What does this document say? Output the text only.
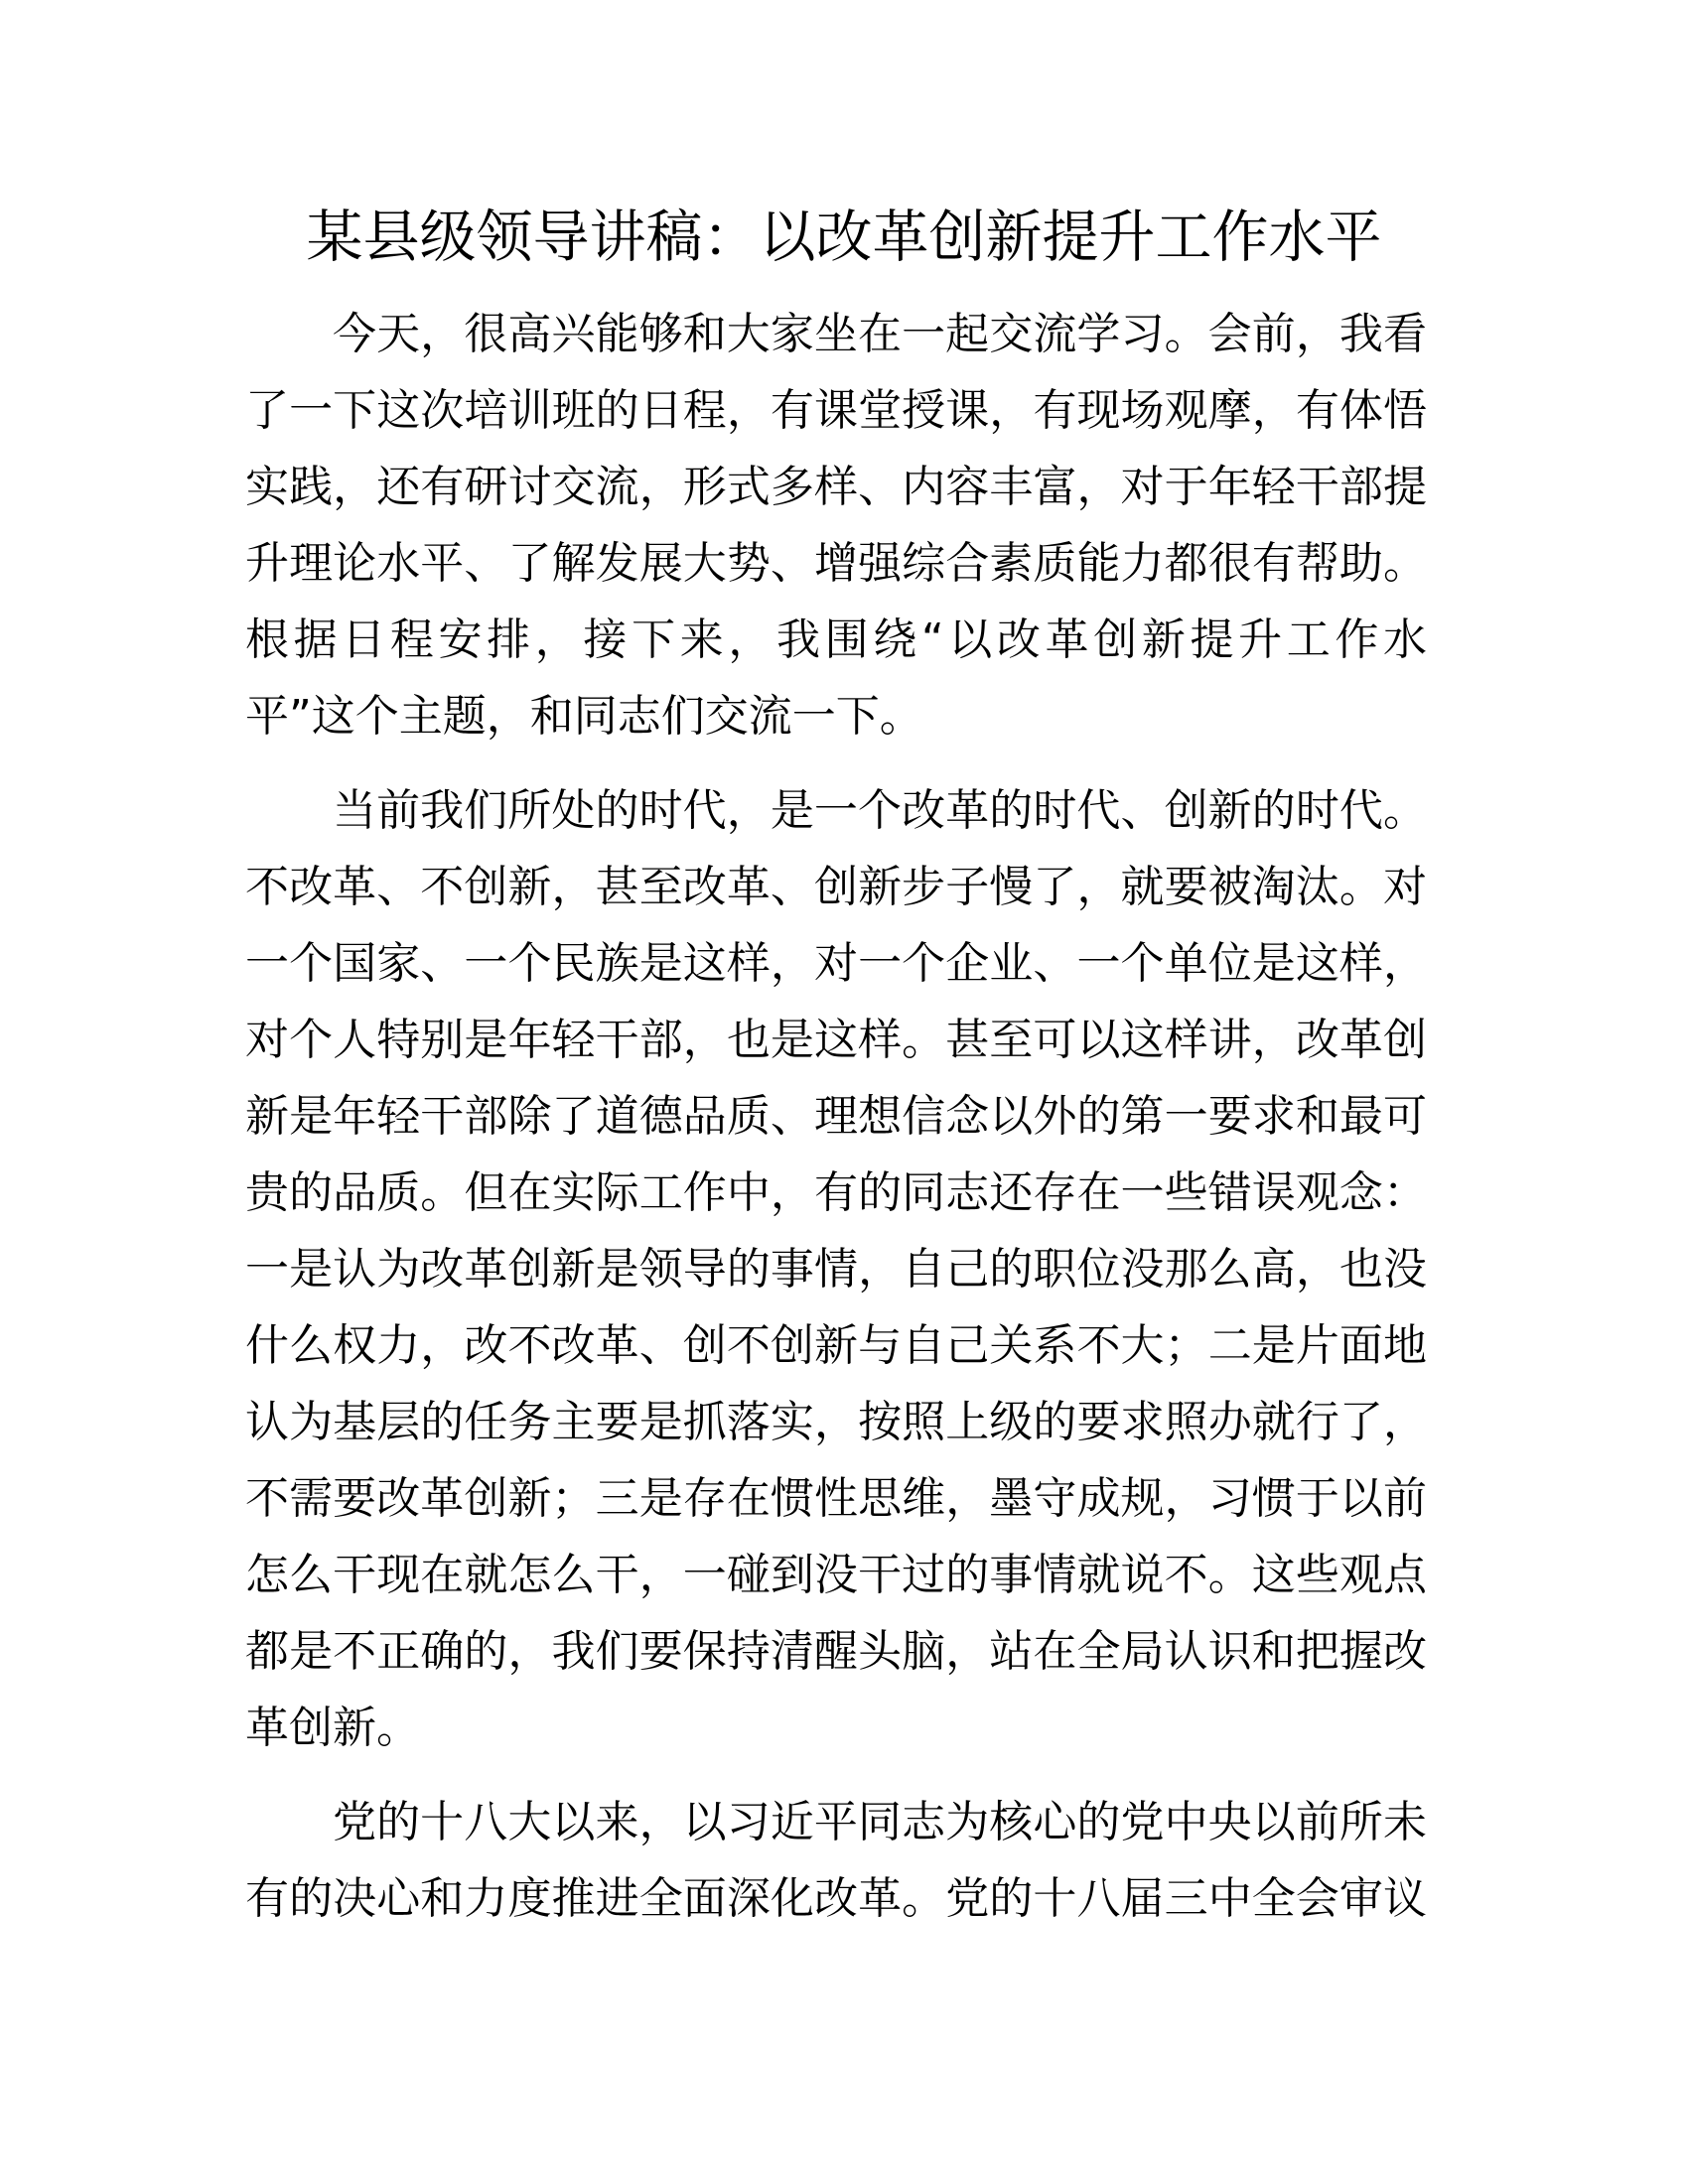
某县级领导讲稿：以改革创新提升工作水平
今天，很高兴能够和大家坐在一起交流学习。会前，我看
了一下这次培训班的日程，有课堂授课，有现场观摩，有体悟
实践，还有研讨交流，形式多样、内容丰富，对于年轻干部提
升理论水平、了解发展大势、增强综合素质能力都很有帮助。
根据日程安排，接下来，我围绕“以改革创新提升工作水
平”这个主题，和同志们交流一下。
当前我们所处的时代，是一个改革的时代、创新的时代。
不改革、不创新，甚至改革、创新步子慢了，就要被淘汰。对
一个国家、一个民族是这样，对一个企业、一个单位是这样，
对个人特别是年轻干部，也是这样。甚至可以这样讲，改革创
新是年轻干部除了道德品质、理想信念以外的第一要求和最可
贵的品质。但在实际工作中，有的同志还存在一些错误观念：
一是认为改革创新是领导的事情，自己的职位没那么高，也没
什么权力，改不改革、创不创新与自己关系不大；二是片面地
认为基层的任务主要是抓落实，按照上级的要求照办就行了，
不需要改革创新；三是存在惯性思维，墨守成规，习惯于以前
怎么干现在就怎么干，一碰到没干过的事情就说不。这些观点
都是不正确的，我们要保持清醒头脑，站在全局认识和把握改
革创新。
党的十八大以来，以习近平同志为核心的党中央以前所未
有的决心和力度推进全面深化改革。党的十八届三中全会审议
